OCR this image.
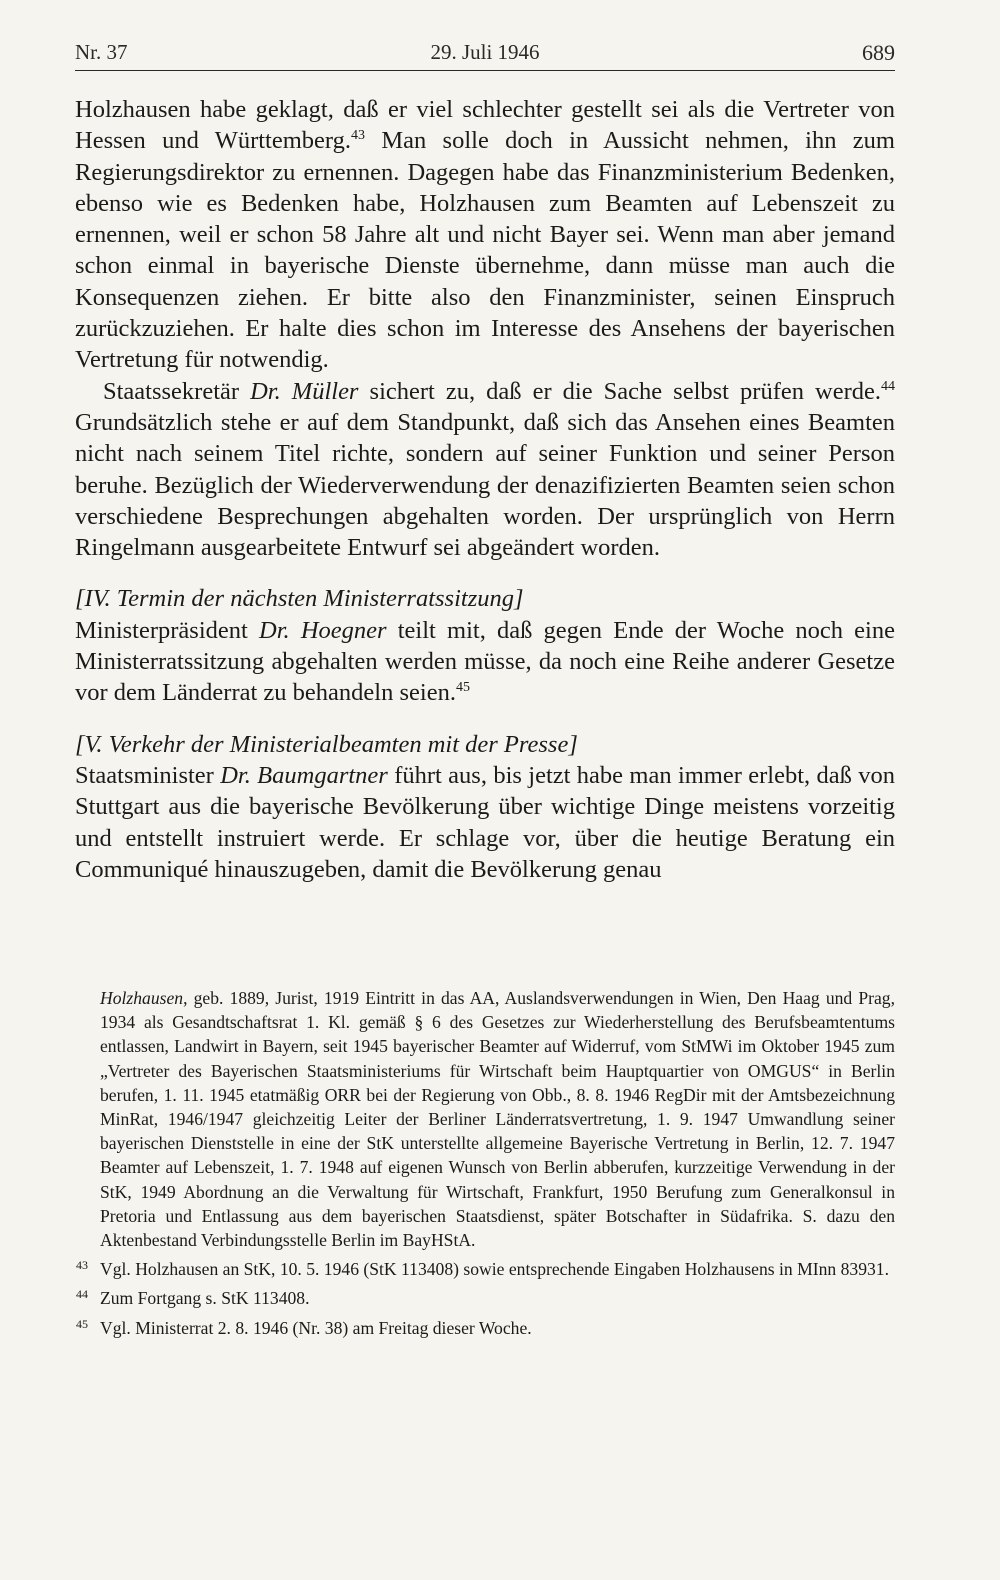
Nr. 37	29. Juli 1946	689

Holzhausen habe geklagt, daß er viel schlechter gestellt sei als die Vertreter von Hessen und Württemberg.$^{43}$ Man solle doch in Aussicht nehmen, ihn zum Regierungsdirektor zu ernennen. Dagegen habe das Finanzministerium Bedenken, ebenso wie es Bedenken habe, Holzhausen zum Beamten auf Lebenszeit zu ernennen, weil er schon 58 Jahre alt und nicht Bayer sei. Wenn man aber jemand schon einmal in bayerische Dienste übernehme, dann müsse man auch die Konsequenzen ziehen. Er bitte also den Finanzminister, seinen Einspruch zurückzuziehen. Er halte dies schon im Interesse des Ansehens der bayerischen Vertretung für notwendig.

Staatssekretär Dr. Müller sichert zu, daß er die Sache selbst prüfen werde.$^{44}$ Grundsätzlich stehe er auf dem Standpunkt, daß sich das Ansehen eines Beamten nicht nach seinem Titel richte, sondern auf seiner Funktion und seiner Person beruhe. Bezüglich der Wiederverwendung der denazifizierten Beamten seien schon verschiedene Besprechungen abgehalten worden. Der ursprünglich von Herrn Ringelmann ausgearbeitete Entwurf sei abgeändert worden.

[IV. Termin der nächsten Ministerratssitzung]

Ministerpräsident Dr. Hoegner teilt mit, daß gegen Ende der Woche noch eine Ministerratssitzung abgehalten werden müsse, da noch eine Reihe anderer Gesetze vor dem Länderrat zu behandeln seien.$^{45}$

[V. Verkehr der Ministerialbeamten mit der Presse]

Staatsminister Dr. Baumgartner führt aus, bis jetzt habe man immer erlebt, daß von Stuttgart aus die bayerische Bevölkerung über wichtige Dinge meistens vorzeitig und entstellt instruiert werde. Er schlage vor, über die heutige Beratung ein Communiqué hinauszugeben, damit die Bevölkerung genau

Holzhausen, geb. 1889, Jurist, 1919 Eintritt in das AA, Auslandsverwendungen in Wien, Den Haag und Prag, 1934 als Gesandtschaftsrat 1. Kl. gemäß § 6 des Gesetzes zur Wiederherstellung des Berufsbeamtentums entlassen, Landwirt in Bayern, seit 1945 bayerischer Beamter auf Widerruf, vom StMWi im Oktober 1945 zum „Vertreter des Bayerischen Staatsministeriums für Wirtschaft beim Hauptquartier von OMGUS“ in Berlin berufen, 1. 11. 1945 etatmäßig ORR bei der Regierung von Obb., 8. 8. 1946 RegDir mit der Amtsbezeichnung MinRat, 1946/1947 gleichzeitig Leiter der Berliner Länderratsvertretung, 1. 9. 1947 Umwandlung seiner bayerischen Dienststelle in eine der StK unterstellte allgemeine Bayerische Vertretung in Berlin, 12. 7. 1947 Beamter auf Lebenszeit, 1. 7. 1948 auf eigenen Wunsch von Berlin abberufen, kurzzeitige Verwendung in der StK, 1949 Abordnung an die Verwaltung für Wirtschaft, Frankfurt, 1950 Berufung zum Generalkonsul in Pretoria und Entlassung aus dem bayerischen Staatsdienst, später Botschafter in Südafrika. S. dazu den Aktenbestand Verbindungsstelle Berlin im BayHStA.

43 Vgl. Holzhausen an StK, 10. 5. 1946 (StK 113408) sowie entsprechende Eingaben Holzhausens in MInn 83931.

44 Zum Fortgang s. StK 113408.

45 Vgl. Ministerrat 2. 8. 1946 (Nr. 38) am Freitag dieser Woche.
